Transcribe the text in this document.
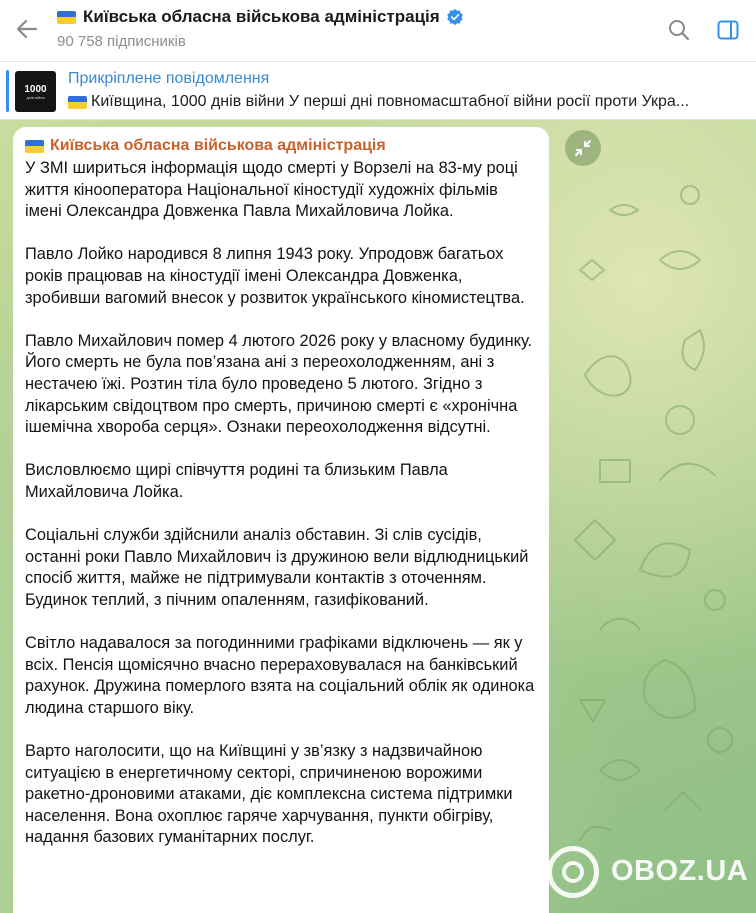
Київська обласна військова адміністрація
90 758 підписників
1000
днів війни
Прикріплене повідомлення
Київщина, 1000 днів війни У перші дні повномасштабної війни росії проти Укра...
Київська обласна військова адміністрація

У ЗМІ шириться інформація щодо смерті у Ворзелі на 83-му році життя кінооператора Національної кіностудії художніх фільмів імені Олександра Довженка Павла Михайловича Лойка.

Павло Лойко народився 8 липня 1943 року. Упродовж багатьох років працював на кіностудії імені Олександра Довженка, зробивши вагомий внесок у розвиток українського кіномистецтва.

Павло Михайлович помер 4 лютого 2026 року у власному будинку. Його смерть не була пов’язана ані з переохолодженням, ані з нестачею їжі. Розтин тіла було проведено 5 лютого. Згідно з лікарським свідоцтвом про смерть, причиною смерті є «хронічна ішемічна хвороба серця». Ознаки переохолодження відсутні.

Висловлюємо щирі співчуття родині та близьким Павла Михайловича Лойка.

Соціальні служби здійснили аналіз обставин. Зі слів сусідів, останні роки Павло Михайлович із дружиною вели відлюдницький спосіб життя, майже не підтримували контактів з оточенням. Будинок теплий, з пічним опаленням, газифікований.

Світло надавалося за погодинними графіками відключень — як у всіх. Пенсія щомісячно вчасно перераховувалася на банківський рахунок. Дружина померлого взята на соціальний облік як одинока людина старшого віку.

Варто наголосити, що на Київщині у зв’язку з надзвичайною ситуацією в енергетичному секторі, спричиненою ворожими ракетно-дроновими атаками, діє комплексна система підтримки населення. Вона охоплює гаряче харчування, пункти обігріву, надання базових гуманітарних послуг.

OBOZ.UA
